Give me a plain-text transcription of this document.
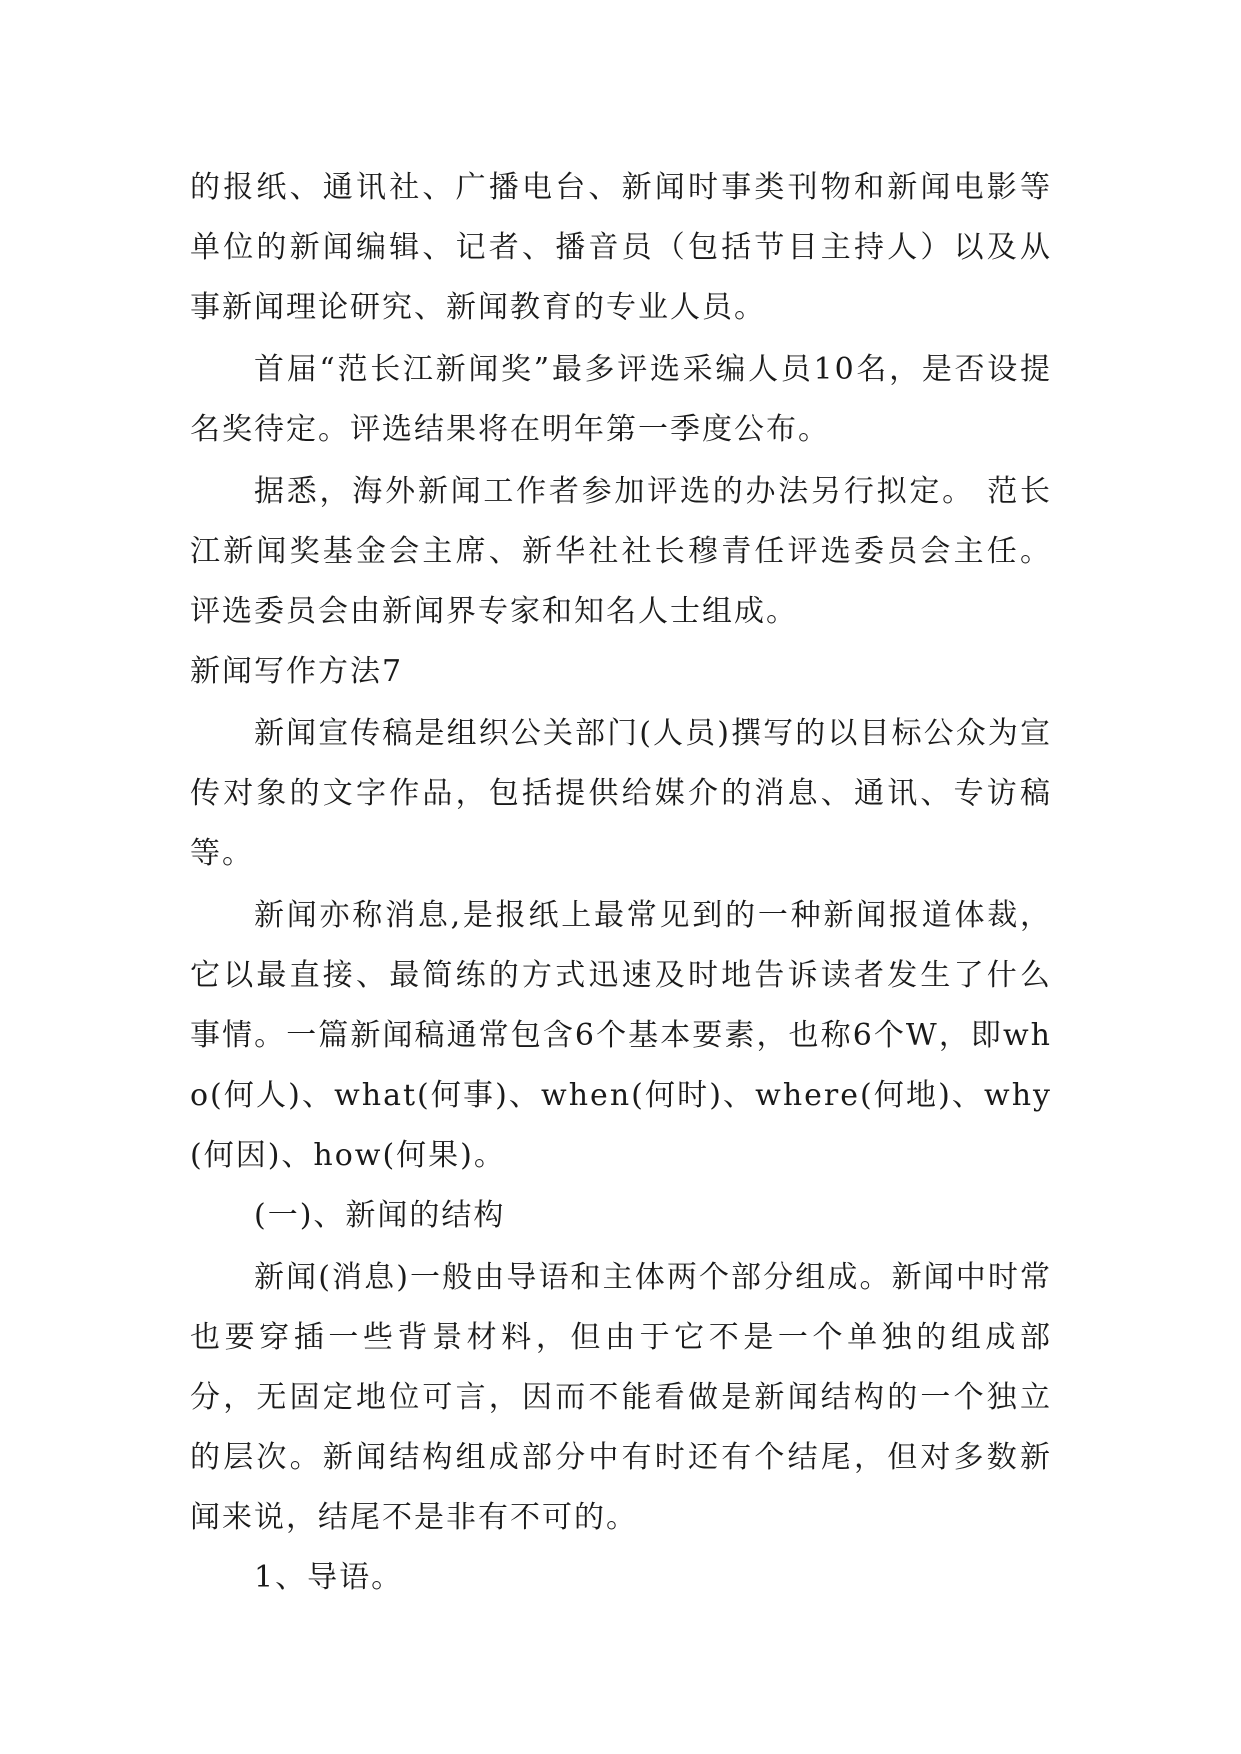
的报纸、通讯社、广播电台、新闻时事类刊物和新闻电影等单位的新闻编辑、记者、播音员（包括节目主持人）以及从事新闻理论研究、新闻教育的专业人员。

首届“范长江新闻奖”最多评选采编人员10名，是否设提名奖待定。评选结果将在明年第一季度公布。

据悉，海外新闻工作者参加评选的办法另行拟定。 范长江新闻奖基金会主席、新华社社长穆青任评选委员会主任。评选委员会由新闻界专家和知名人士组成。

新闻写作方法7

新闻宣传稿是组织公关部门(人员)撰写的以目标公众为宣传对象的文字作品，包括提供给媒介的消息、通讯、专访稿等。

新闻亦称消息,是报纸上最常见到的一种新闻报道体裁，它以最直接、最简练的方式迅速及时地告诉读者发生了什么事情。一篇新闻稿通常包含6个基本要素，也称6个W，即who(何人)、what(何事)、when(何时)、where(何地)、why(何因)、how(何果)。

(一)、新闻的结构

新闻(消息)一般由导语和主体两个部分组成。新闻中时常也要穿插一些背景材料，但由于它不是一个单独的组成部分，无固定地位可言，因而不能看做是新闻结构的一个独立的层次。新闻结构组成部分中有时还有个结尾，但对多数新闻来说，结尾不是非有不可的。

1、导语。
